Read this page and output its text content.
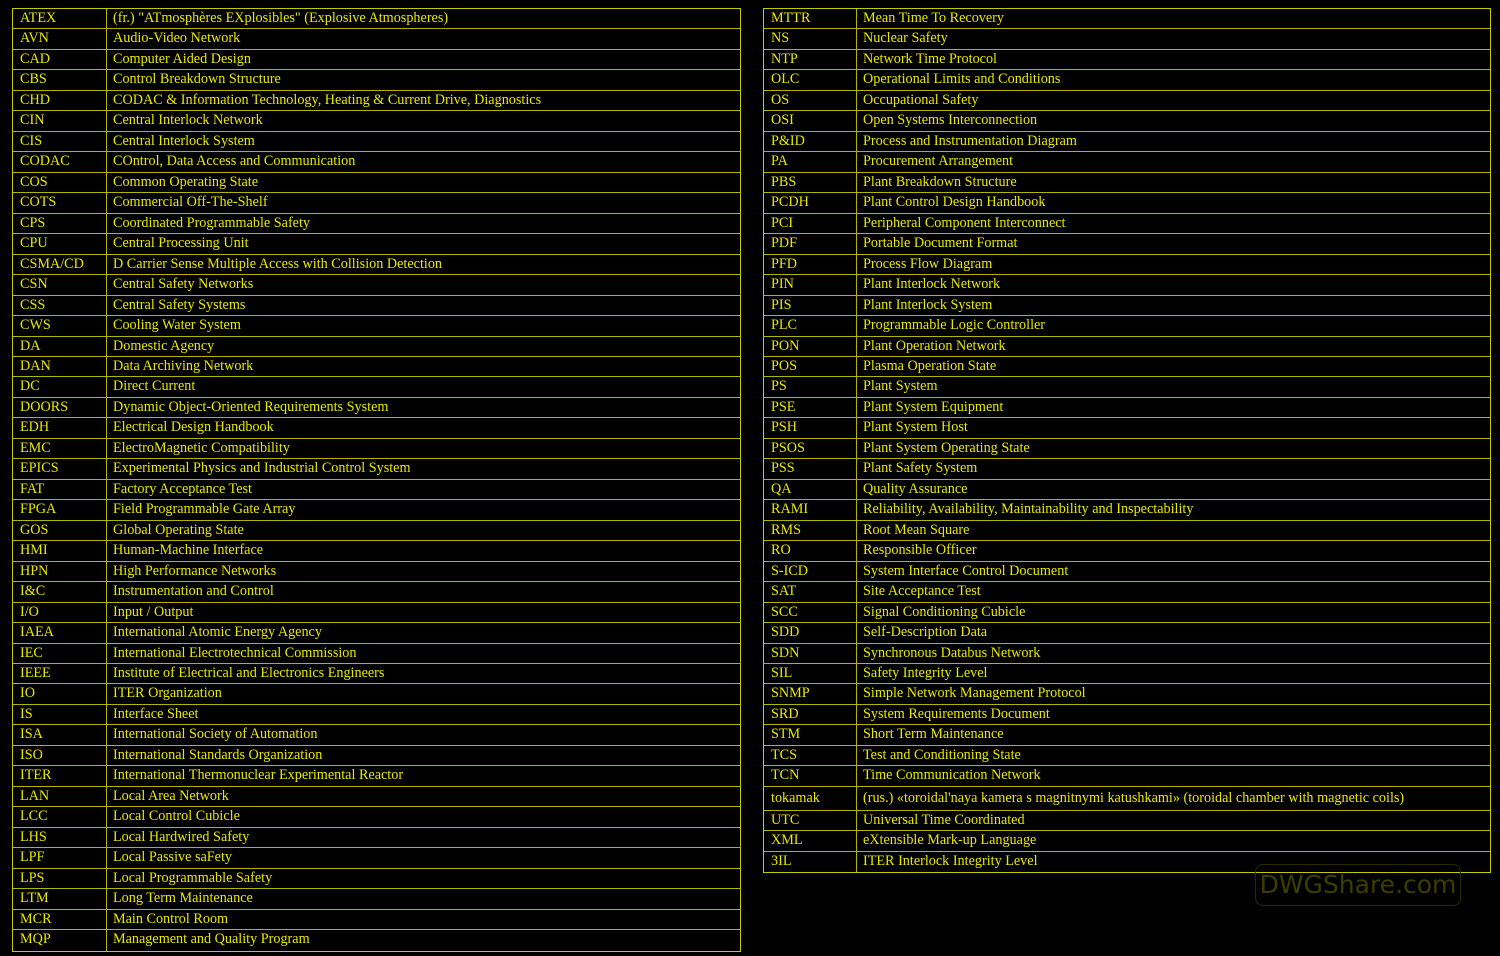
ATEX	(fr.) "ATmosphères EXplosibles" (Explosive Atmospheres)
AVN	Audio-Video Network
CAD	Computer Aided Design
CBS	Control Breakdown Structure
CHD	CODAC & Information Technology, Heating & Current Drive, Diagnostics
CIN	Central Interlock Network
CIS	Central Interlock System
CODAC	COntrol, Data Access and Communication
COS	Common Operating State
COTS	Commercial Off-The-Shelf
CPS	Coordinated Programmable Safety
CPU	Central Processing Unit
CSMA/CD	D Carrier Sense Multiple Access with Collision Detection
CSN	Central Safety Networks
CSS	Central Safety Systems
CWS	Cooling Water System
DA	Domestic Agency
DAN	Data Archiving Network
DC	Direct Current
DOORS	Dynamic Object-Oriented Requirements System
EDH	Electrical Design Handbook
EMC	ElectroMagnetic Compatibility
EPICS	Experimental Physics and Industrial Control System
FAT	Factory Acceptance Test
FPGA	Field Programmable Gate Array
GOS	Global Operating State
HMI	Human-Machine Interface
HPN	High Performance Networks
I&C	Instrumentation and Control
I/O	Input / Output
IAEA	International Atomic Energy Agency
IEC	International Electrotechnical Commission
IEEE	Institute of Electrical and Electronics Engineers
IO	ITER Organization
IS	Interface Sheet
ISA	International Society of Automation
ISO	International Standards Organization
ITER	International Thermonuclear Experimental Reactor
LAN	Local Area Network
LCC	Local Control Cubicle
LHS	Local Hardwired Safety
LPF	Local Passive saFety
LPS	Local Programmable Safety
LTM	Long Term Maintenance
MCR	Main Control Room
MQP	Management and Quality Program
MTTR	Mean Time To Recovery
NS	Nuclear Safety
NTP	Network Time Protocol
OLC	Operational Limits and Conditions
OS	Occupational Safety
OSI	Open Systems Interconnection
P&ID	Process and Instrumentation Diagram
PA	Procurement Arrangement
PBS	Plant Breakdown Structure
PCDH	Plant Control Design Handbook
PCI	Peripheral Component Interconnect
PDF	Portable Document Format
PFD	Process Flow Diagram
PIN	Plant Interlock Network
PIS	Plant Interlock System
PLC	Programmable Logic Controller
PON	Plant Operation Network
POS	Plasma Operation State
PS	Plant System
PSE	Plant System Equipment
PSH	Plant System Host
PSOS	Plant System Operating State
PSS	Plant Safety System
QA	Quality Assurance
RAMI	Reliability, Availability, Maintainability and Inspectability
RMS	Root Mean Square
RO	Responsible Officer
S-ICD	System Interface Control Document
SAT	Site Acceptance Test
SCC	Signal Conditioning Cubicle
SDD	Self-Description Data
SDN	Synchronous Databus Network
SIL	Safety Integrity Level
SNMP	Simple Network Management Protocol
SRD	System Requirements Document
STM	Short Term Maintenance
TCS	Test and Conditioning State
TCN	Time Communication Network
tokamak	(rus.) «toroidal'naya kamera s magnitnymi katushkami» (toroidal chamber with magnetic coils)
UTC	Universal Time Coordinated
XML	eXtensible Mark-up Language
3IL	ITER Interlock Integrity Level
DWGShare.com
